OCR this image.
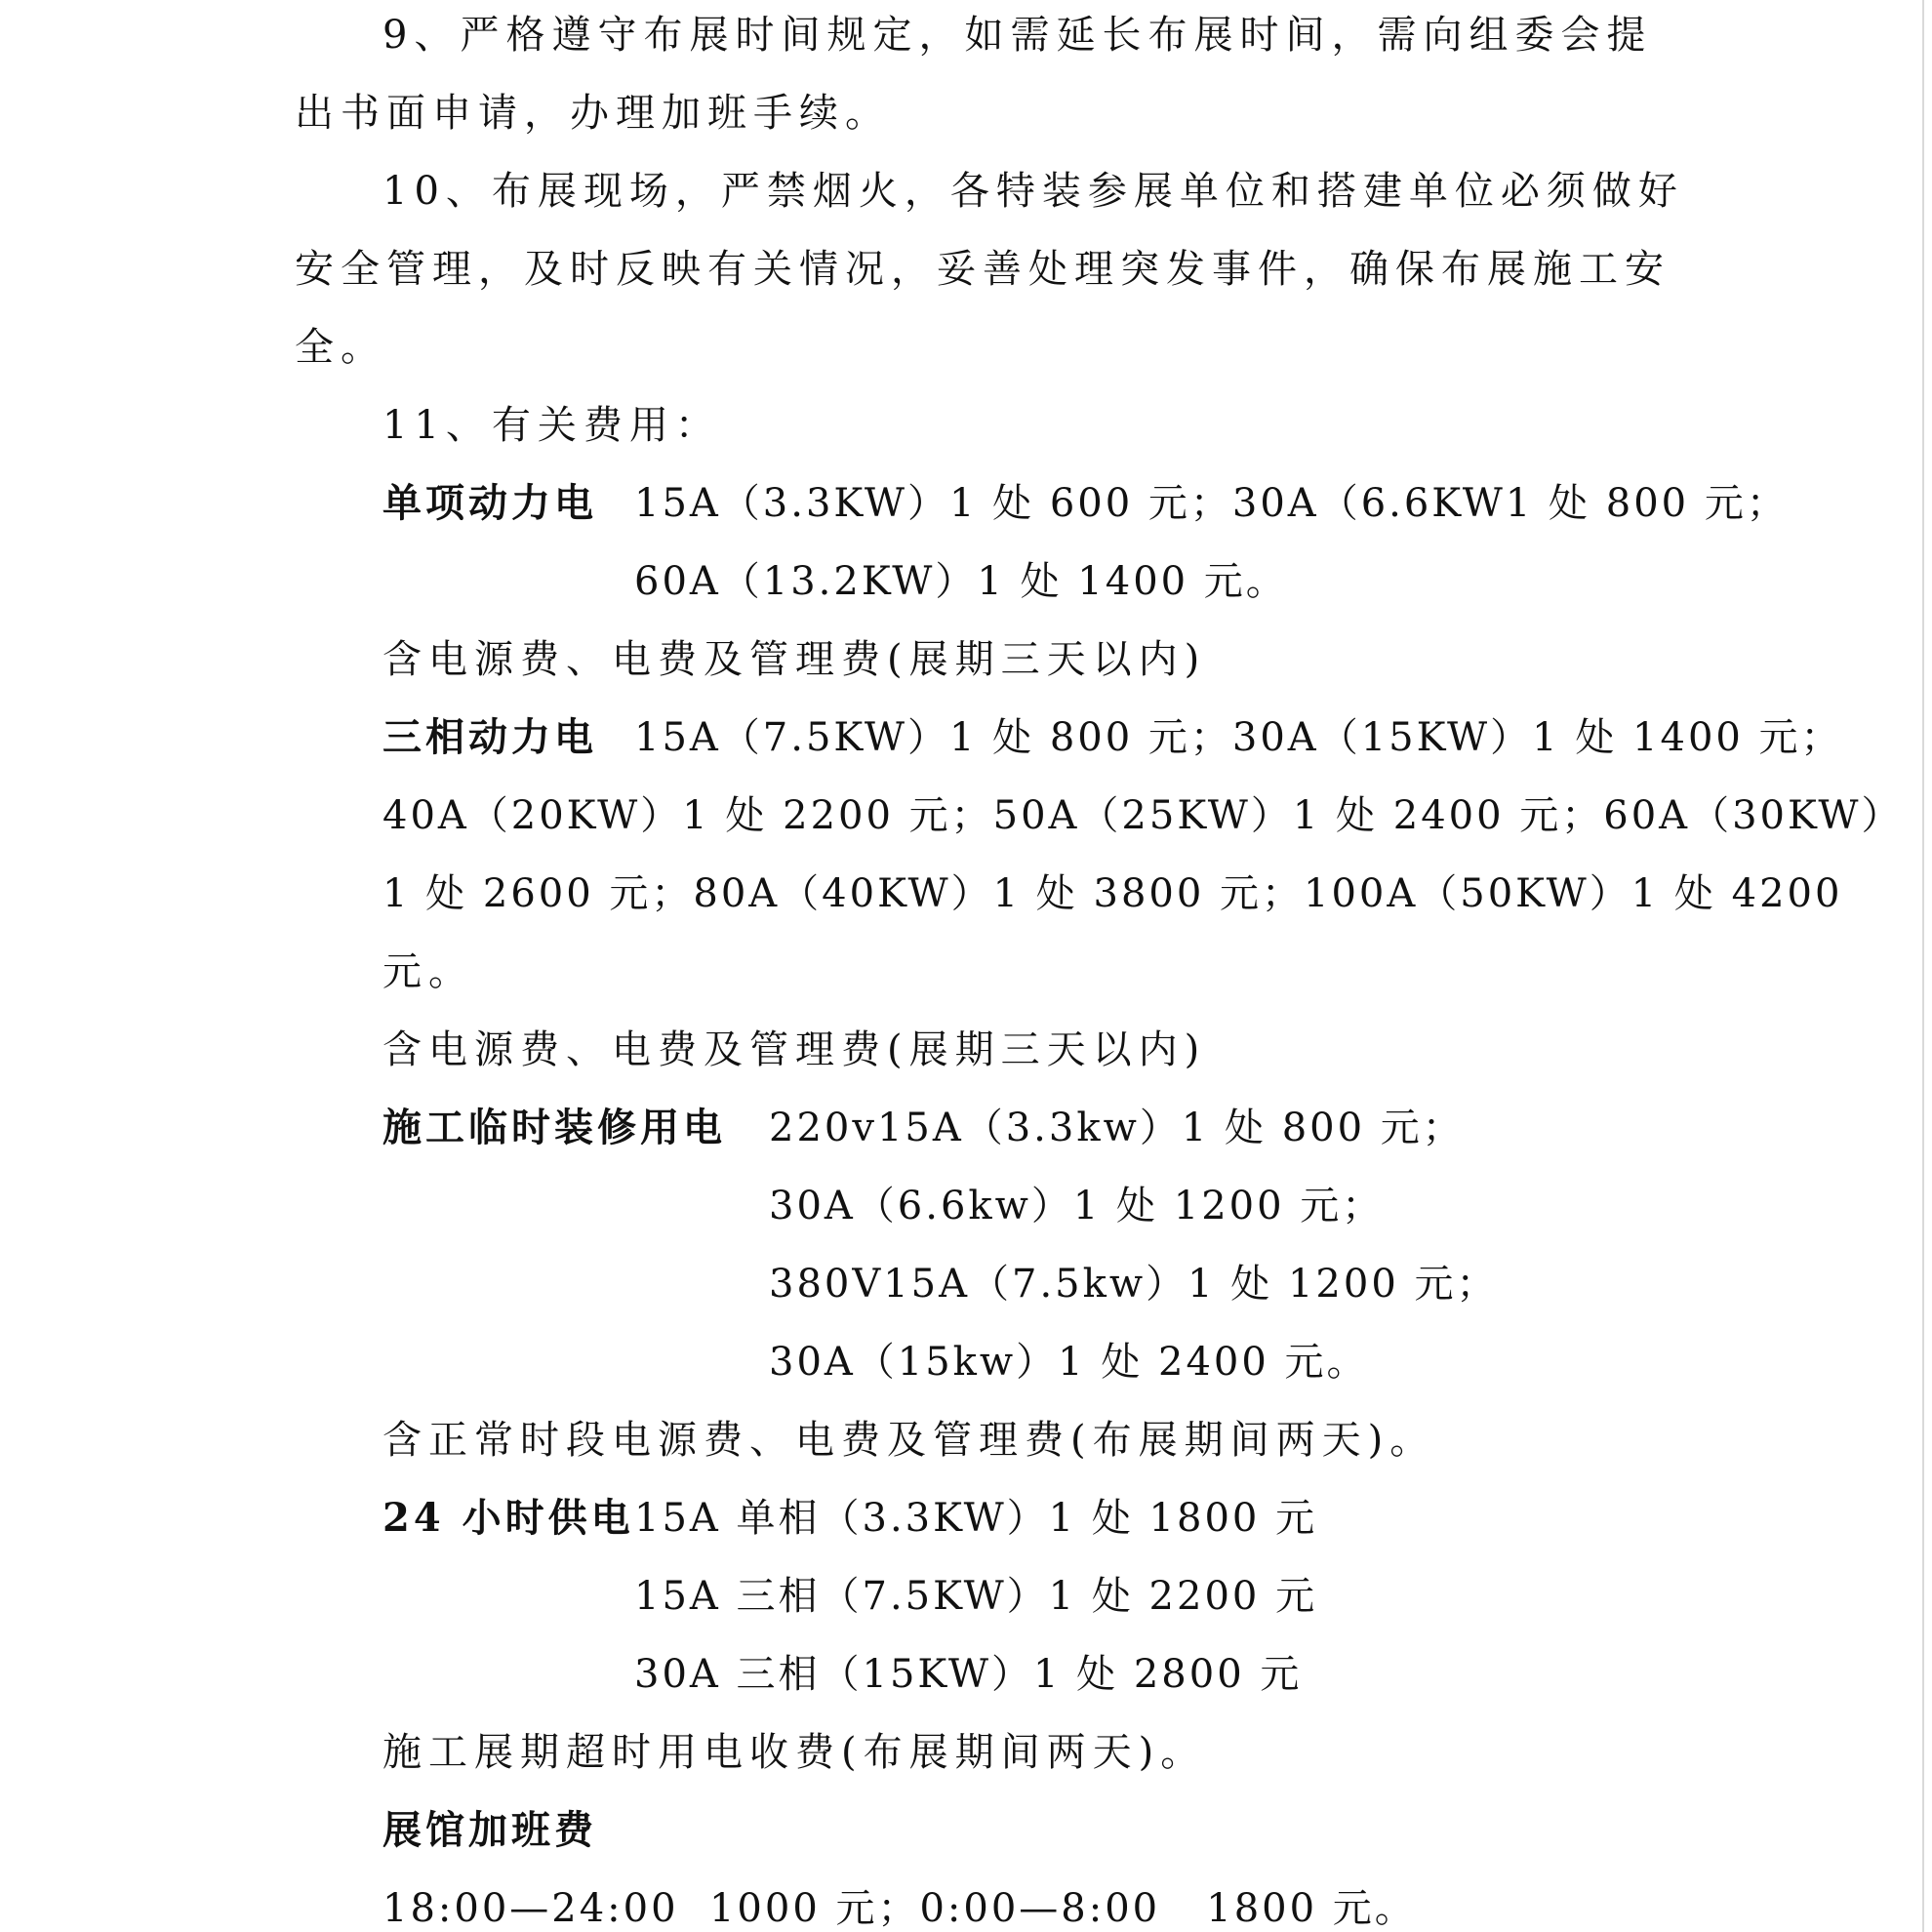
9、严格遵守布展时间规定，如需延长布展时间，需向组委会提
出书面申请，办理加班手续。
10、布展现场，严禁烟火，各特装参展单位和搭建单位必须做好
安全管理，及时反映有关情况，妥善处理突发事件，确保布展施工安
全。
11、有关费用：
单项动力电 15A（3.3KW）1 处 600 元；30A（6.6KW1 处 800 元；
60A（13.2KW）1 处 1400 元。
含电源费、电费及管理费(展期三天以内)
三相动力电 15A（7.5KW）1 处 800 元；30A（15KW）1 处 1400 元；
40A（20KW）1 处 2200 元；50A（25KW）1 处 2400 元；60A（30KW）
1 处 2600 元；80A（40KW）1 处 3800 元；100A（50KW）1 处 4200
元。
含电源费、电费及管理费(展期三天以内)
施工临时装修用电 220v15A（3.3kw）1 处 800 元；
30A（6.6kw）1 处 1200 元；
380V15A（7.5kw）1 处 1200 元；
30A（15kw）1 处 2400 元。
含正常时段电源费、电费及管理费(布展期间两天)。
24 小时供电 15A 单相（3.3KW）1 处 1800 元
15A 三相（7.5KW）1 处 2200 元
30A 三相（15KW）1 处 2800 元
施工展期超时用电收费(布展期间两天)。
展馆加班费
18:00—24:00  1000 元；0:00—8:00   1800 元。
